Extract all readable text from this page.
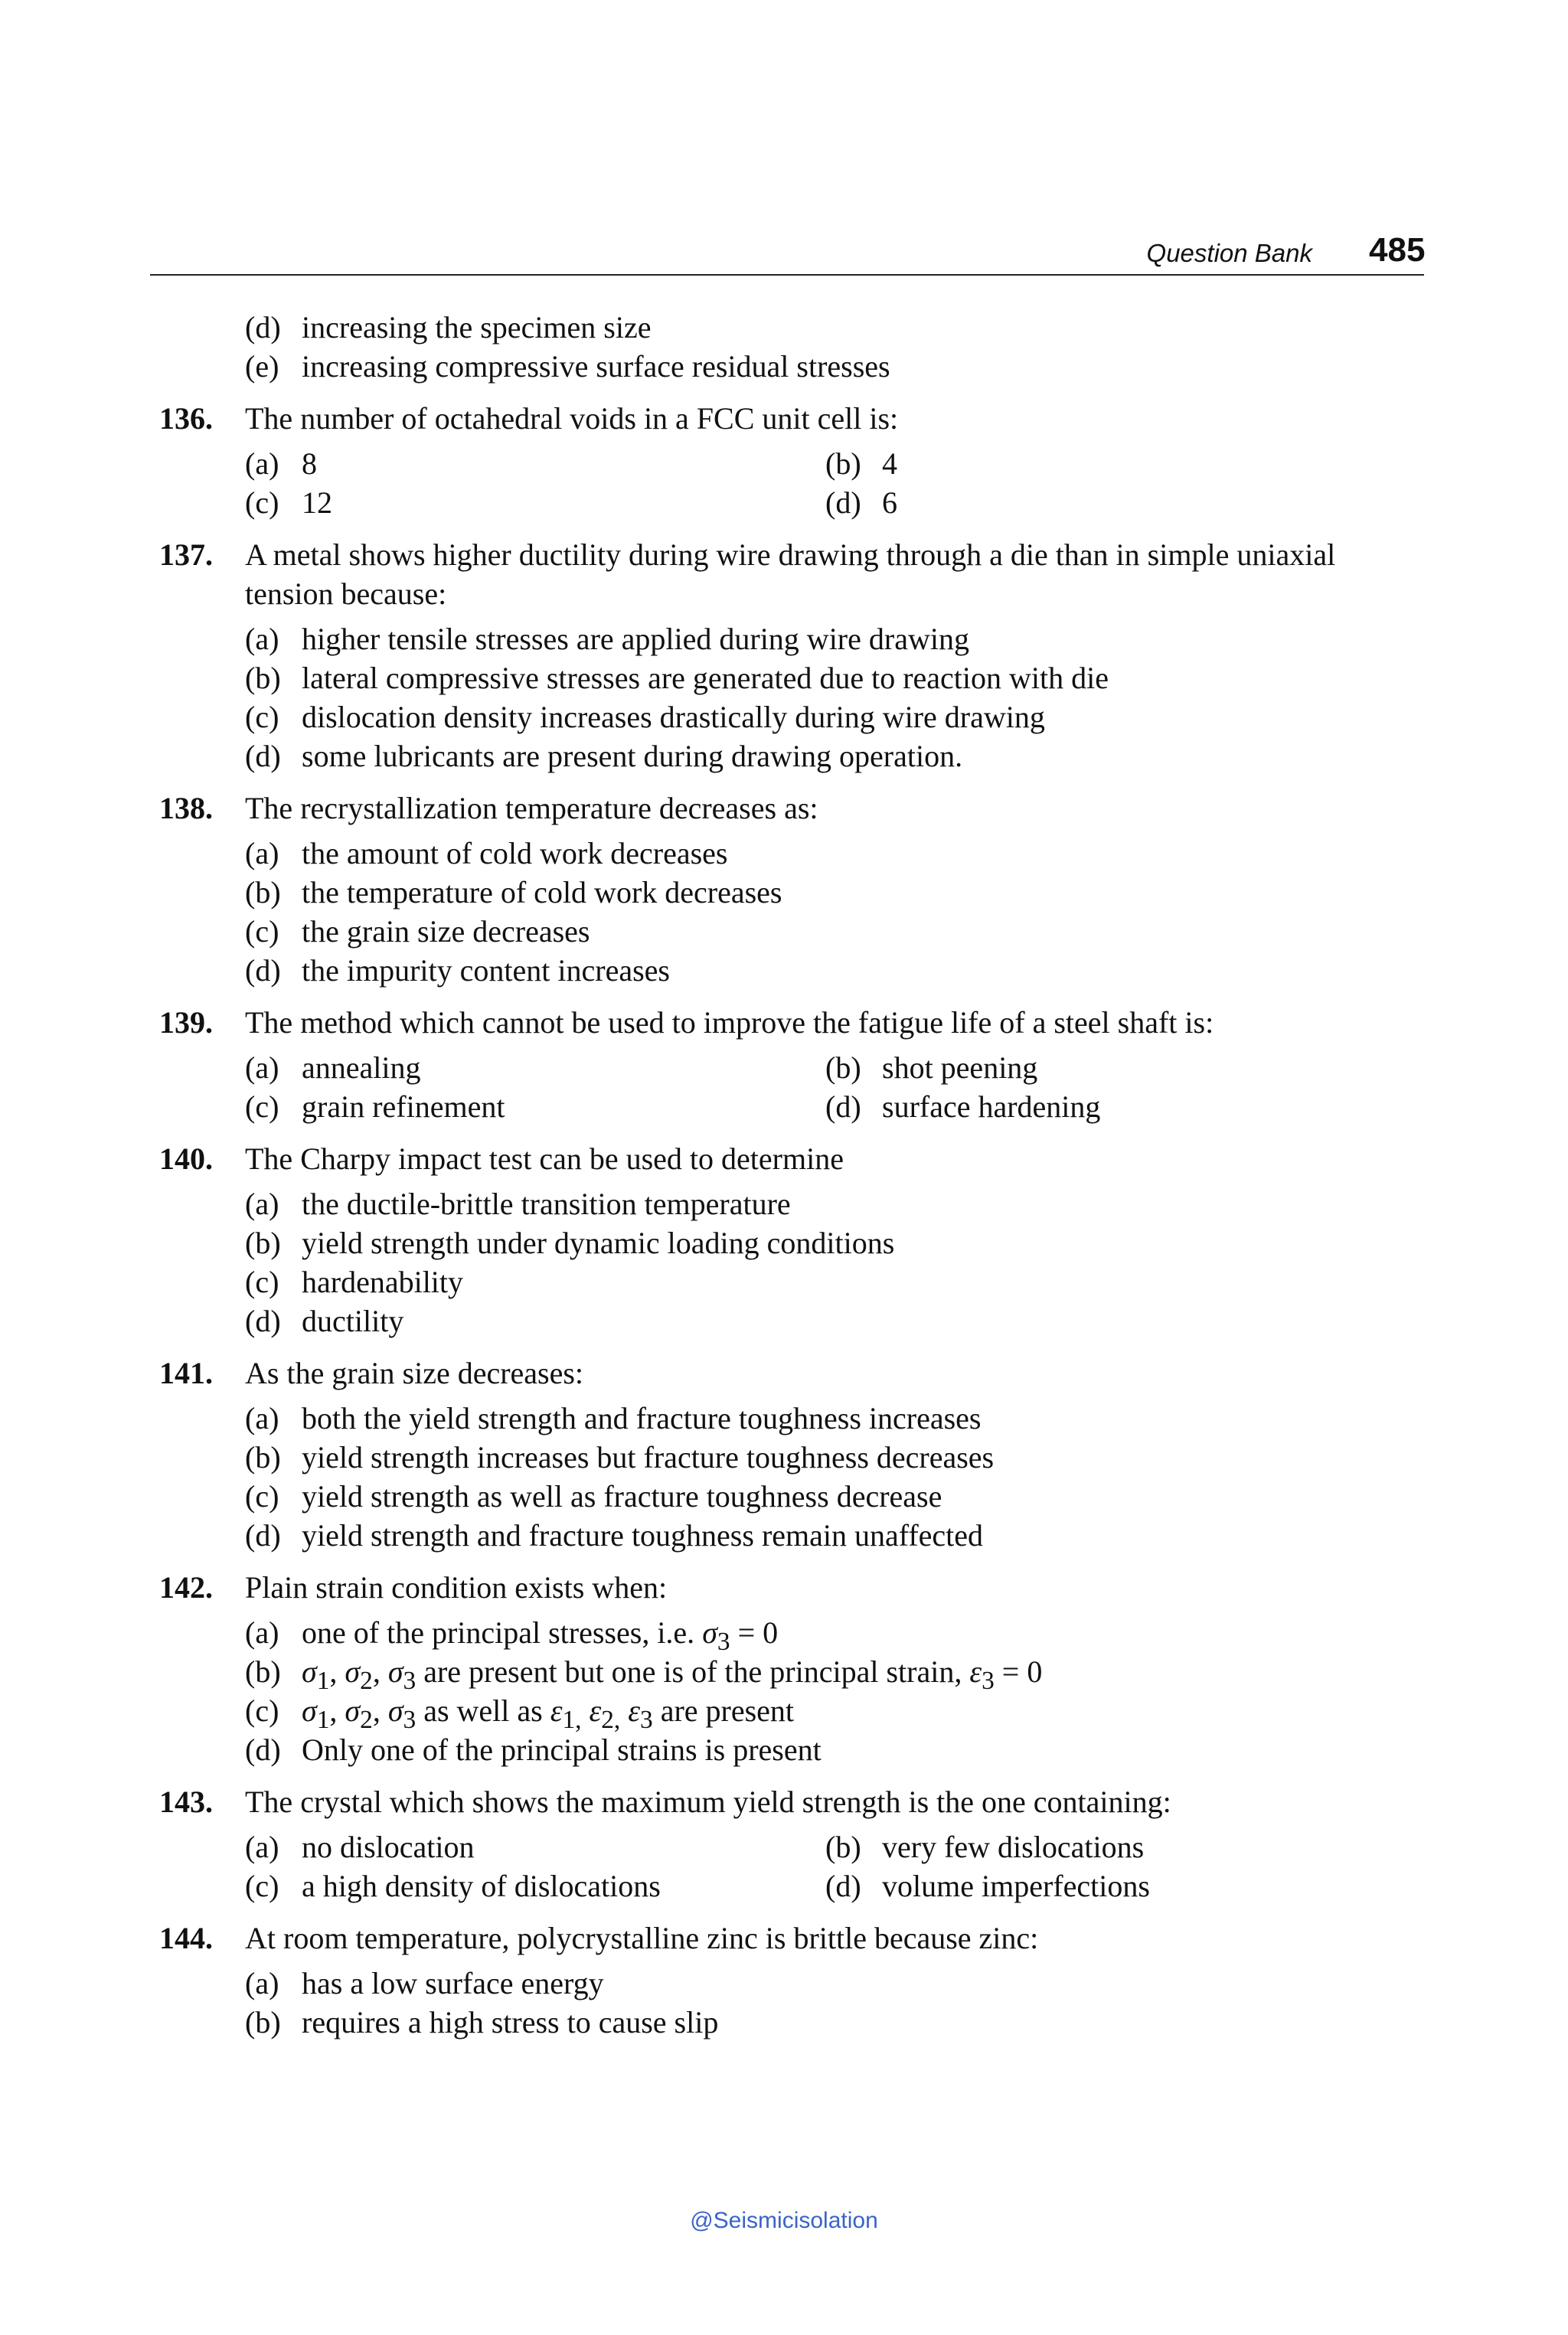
Question Bank 485
(d) increasing the specimen size
(e) increasing compressive surface residual stresses
136. The number of octahedral voids in a FCC unit cell is:
(a) 8	(b) 4
(c) 12	(d) 6
137. A metal shows higher ductility during wire drawing through a die than in simple uniaxial
tension because:
(a) higher tensile stresses are applied during wire drawing
(b) lateral compressive stresses are generated due to reaction with die
(c) dislocation density increases drastically during wire drawing
(d) some lubricants are present during drawing operation.
138. The recrystallization temperature decreases as:
(a) the amount of cold work decreases
(b) the temperature of cold work decreases
(c) the grain size decreases
(d) the impurity content increases
139. The method which cannot be used to improve the fatigue life of a steel shaft is:
(a) annealing	(b) shot peening
(c) grain refinement	(d) surface hardening
140. The Charpy impact test can be used to determine
(a) the ductile-brittle transition temperature
(b) yield strength under dynamic loading conditions
(c) hardenability
(d) ductility
141. As the grain size decreases:
(a) both the yield strength and fracture toughness increases
(b) yield strength increases but fracture toughness decreases
(c) yield strength as well as fracture toughness decrease
(d) yield strength and fracture toughness remain unaffected
142. Plain strain condition exists when:
(a) one of the principal stresses, i.e. $\sigma_3 = 0$
(b) $\sigma_1$, $\sigma_2$, $\sigma_3$ are present but one is of the principal strain, $\varepsilon_3 = 0$
(c) $\sigma_1$, $\sigma_2$, $\sigma_3$ as well as $\varepsilon_{1,}$ $\varepsilon_{2,}$ $\varepsilon_3$ are present
(d) Only one of the principal strains is present
143. The crystal which shows the maximum yield strength is the one containing:
(a) no dislocation	(b) very few dislocations
(c) a high density of dislocations	(d) volume imperfections
144. At room temperature, polycrystalline zinc is brittle because zinc:
(a) has a low surface energy
(b) requires a high stress to cause slip
@Seismicisolation
